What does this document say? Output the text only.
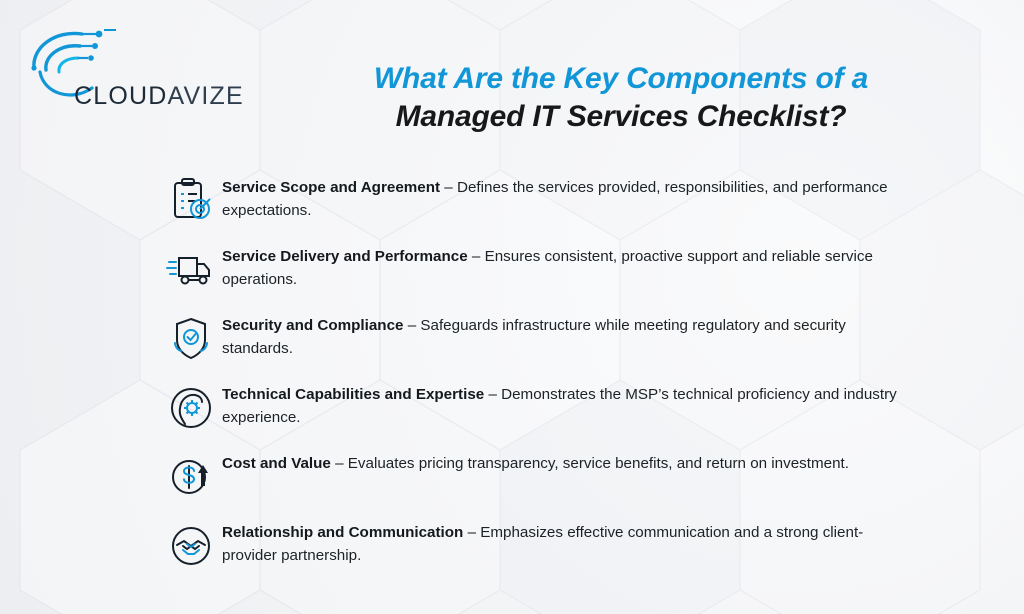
CLOUDAVIZE
What Are the Key Components of a
Managed IT Services Checklist?
Service Scope and Agreement – Defines the services provided, responsibilities, and performance expectations.
Service Delivery and Performance – Ensures consistent, proactive support and reliable service operations.
Security and Compliance – Safeguards infrastructure while meeting regulatory and security standards.
Technical Capabilities and Expertise – Demonstrates the MSP’s technical proficiency and industry experience.
Cost and Value – Evaluates pricing transparency, service benefits, and return on investment.
Relationship and Communication – Emphasizes effective communication and a strong client-provider partnership.
